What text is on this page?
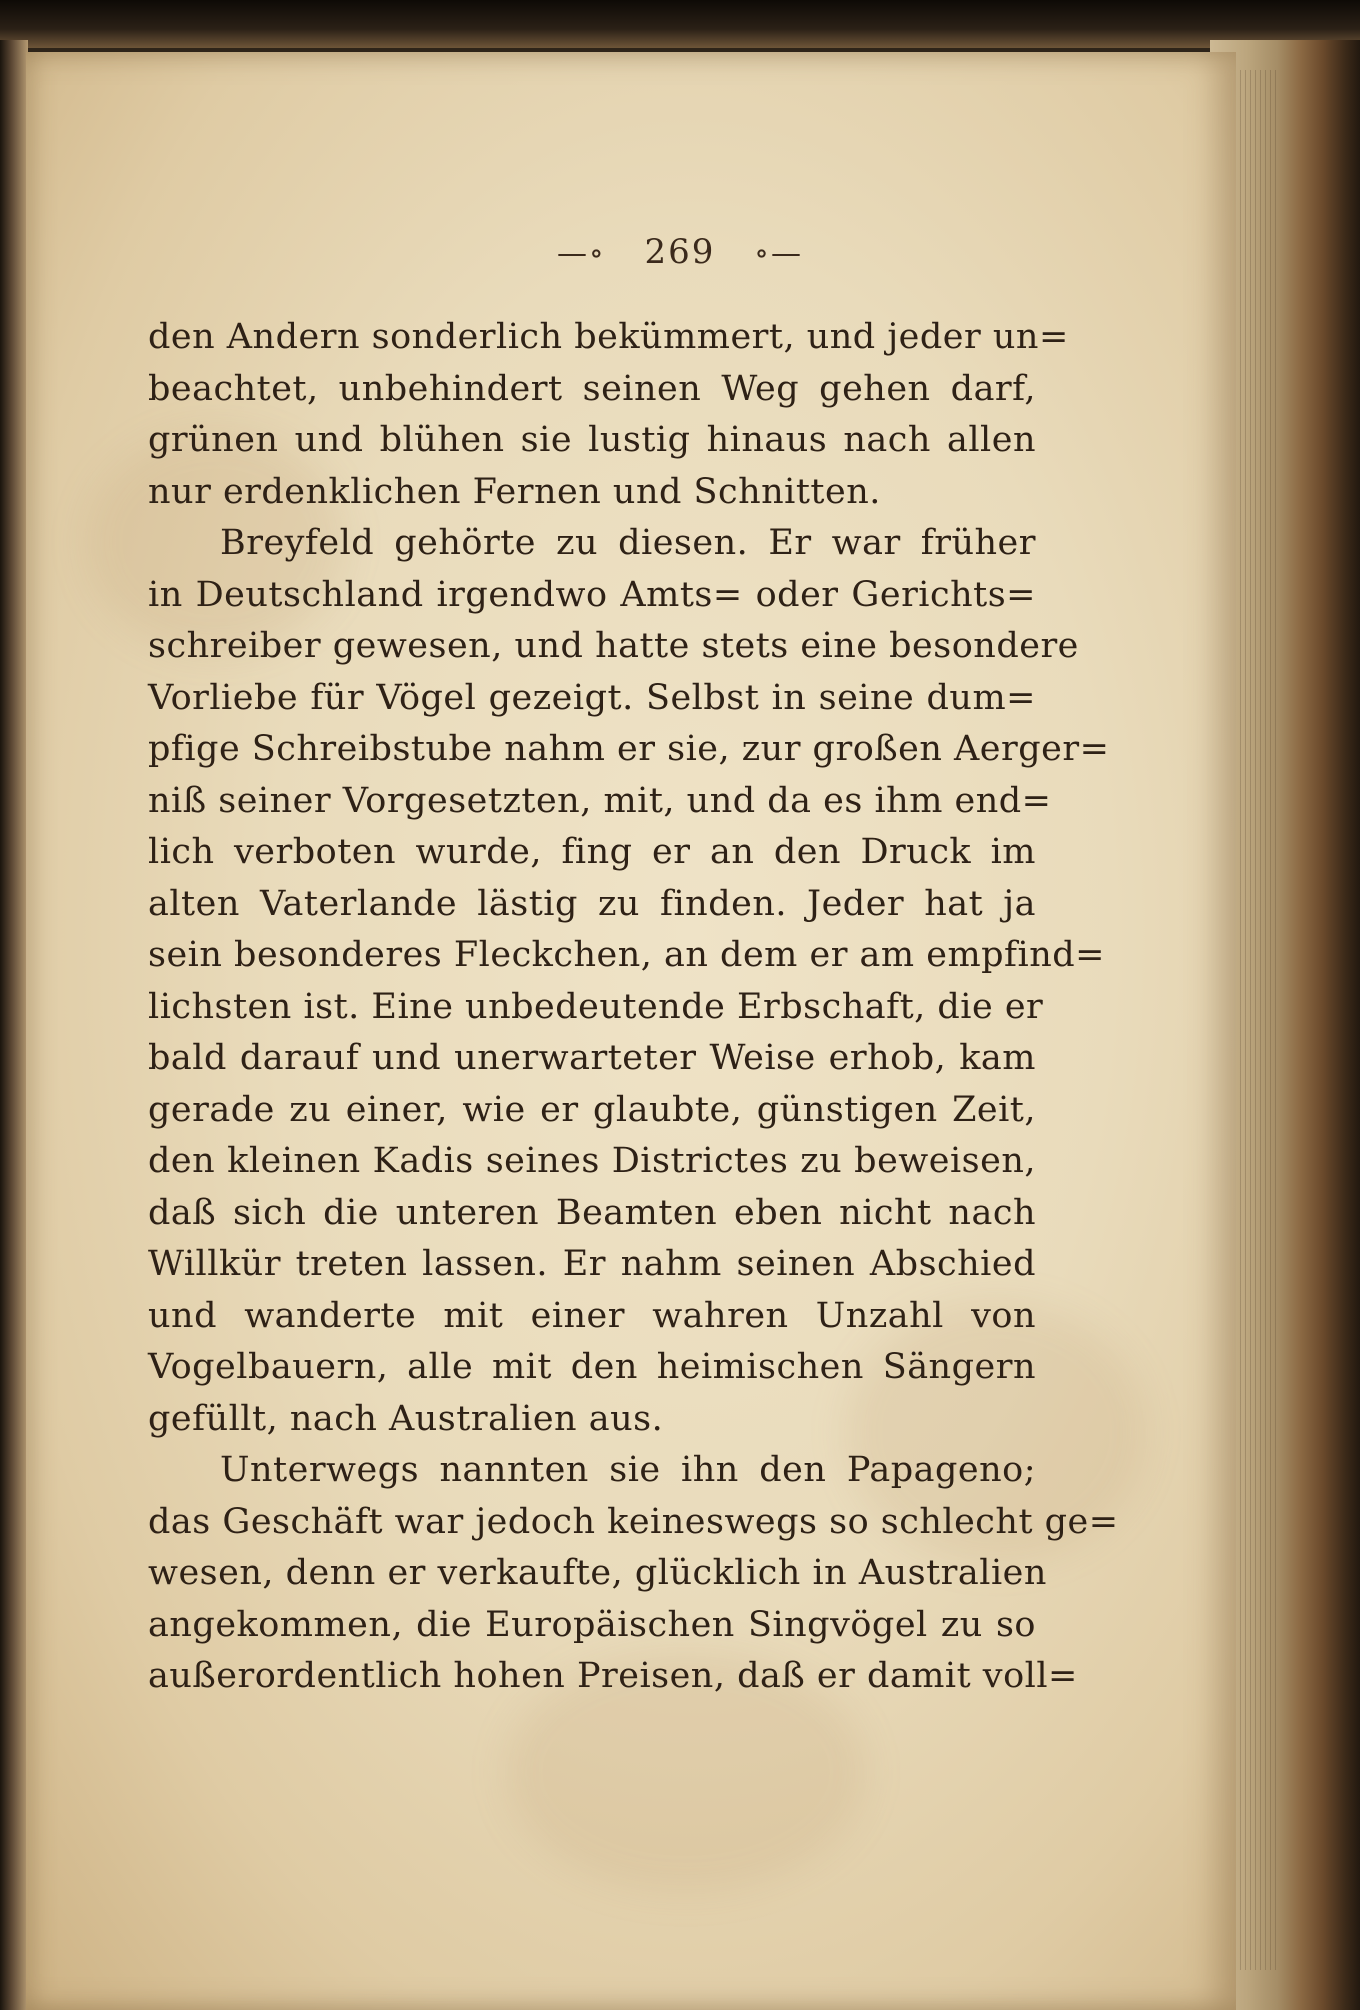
—∘ 269 ∘—
den Andern sonderlich bekümmert, und jeder un=
beachtet, unbehindert seinen Weg gehen darf,
grünen und blühen sie lustig hinaus nach allen
nur erdenklichen Fernen und Schnitten.
Breyfeld gehörte zu diesen. Er war früher
in Deutschland irgendwo Amts= oder Gerichts=
schreiber gewesen, und hatte stets eine besondere
Vorliebe für Vögel gezeigt. Selbst in seine dum=
pfige Schreibstube nahm er sie, zur großen Aerger=
niß seiner Vorgesetzten, mit, und da es ihm end=
lich verboten wurde, fing er an den Druck im
alten Vaterlande lästig zu finden. Jeder hat ja
sein besonderes Fleckchen, an dem er am empfind=
lichsten ist. Eine unbedeutende Erbschaft, die er
bald darauf und unerwarteter Weise erhob, kam
gerade zu einer, wie er glaubte, günstigen Zeit,
den kleinen Kadis seines Districtes zu beweisen,
daß sich die unteren Beamten eben nicht nach
Willkür treten lassen. Er nahm seinen Abschied
und wanderte mit einer wahren Unzahl von
Vogelbauern, alle mit den heimischen Sängern
gefüllt, nach Australien aus.
Unterwegs nannten sie ihn den Papageno;
das Geschäft war jedoch keineswegs so schlecht ge=
wesen, denn er verkaufte, glücklich in Australien
angekommen, die Europäischen Singvögel zu so
außerordentlich hohen Preisen, daß er damit voll=
